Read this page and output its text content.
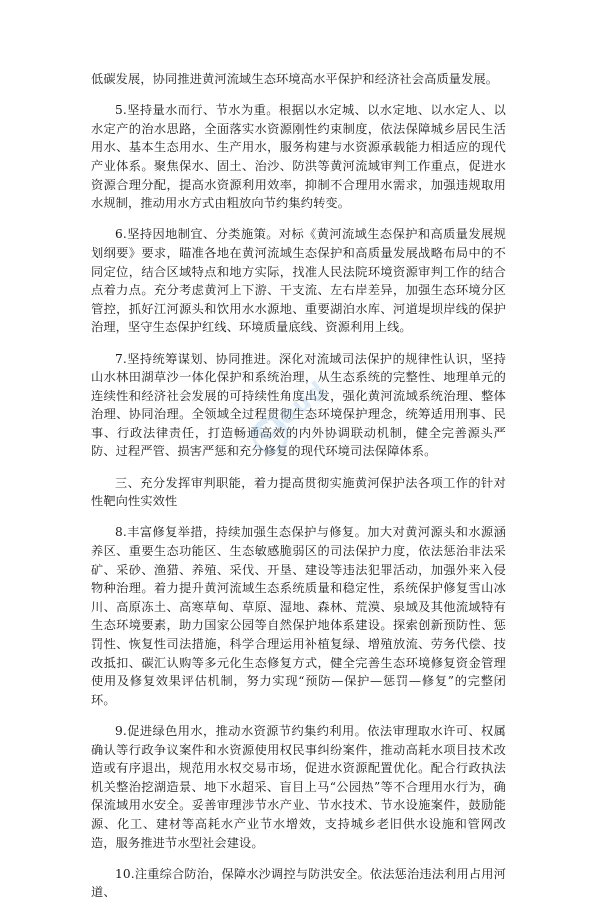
低碳发展，协同推进黄河流域生态环境高水平保护和经济社会高质量发展。

5.坚持量水而行、节水为重。根据以水定城、以水定地、以水定人、以水定产的治水思路，全面落实水资源刚性约束制度，依法保障城乡居民生活用水、基本生态用水、生产用水，服务构建与水资源承载能力相适应的现代产业体系。聚焦保水、固土、治沙、防洪等黄河流域审判工作重点，促进水资源合理分配，提高水资源利用效率，抑制不合理用水需求，加强违规取用水规制，推动用水方式由粗放向节约集约转变。

6.坚持因地制宜、分类施策。对标《黄河流域生态保护和高质量发展规划纲要》要求，瞄准各地在黄河流域生态保护和高质量发展战略布局中的不同定位，结合区域特点和地方实际，找准人民法院环境资源审判工作的结合点着力点。充分考虑黄河上下游、干支流、左右岸差异，加强生态环境分区管控，抓好江河源头和饮用水水源地、重要湖泊水库、河道堤坝岸线的保护治理，坚守生态保护红线、环境质量底线、资源利用上线。

7.坚持统筹谋划、协同推进。深化对流域司法保护的规律性认识，坚持山水林田湖草沙一体化保护和系统治理，从生态系统的完整性、地理单元的连续性和经济社会发展的可持续性角度出发，强化黄河流域系统治理、整体治理、协同治理。全领域全过程贯彻生态环境保护理念，统筹适用刑事、民事、行政法律责任，打造畅通高效的内外协调联动机制，健全完善源头严防、过程严管、损害严惩和充分修复的现代环境司法保障体系。

三、充分发挥审判职能，着力提高贯彻实施黄河保护法各项工作的针对性靶向性实效性

8.丰富修复举措，持续加强生态保护与修复。加大对黄河源头和水源涵养区、重要生态功能区、生态敏感脆弱区的司法保护力度，依法惩治非法采矿、采砂、渔猎、养殖、采伐、开垦、建设等违法犯罪活动，加强外来入侵物种治理。着力提升黄河流域生态系统质量和稳定性，系统保护修复雪山冰川、高原冻土、高寒草甸、草原、湿地、森林、荒漠、泉域及其他流域特有生态环境要素，助力国家公园等自然保护地体系建设。探索创新预防性、惩罚性、恢复性司法措施，科学合理运用补植复绿、增殖放流、劳务代偿、技改抵扣、碳汇认购等多元化生态修复方式，健全完善生态环境修复资金管理使用及修复效果评估机制，努力实现“预防—保护—惩罚—修复”的完整闭环。

9.促进绿色用水，推动水资源节约集约利用。依法审理取水许可、权属确认等行政争议案件和水资源使用权民事纠纷案件，推动高耗水项目技术改造或有序退出，规范用水权交易市场，促进水资源配置优化。配合行政执法机关整治挖湖造景、地下水超采、盲目上马“公园热”等不合理用水行为，确保流域用水安全。妥善审理涉节水产业、节水技术、节水设施案件，鼓励能源、化工、建材等高耗水产业节水增效，支持城乡老旧供水设施和管网改造，服务推进节水型社会建设。

10.注重综合防治，保障水沙调控与防洪安全。依法惩治违法利用占用河道、

Cloud
